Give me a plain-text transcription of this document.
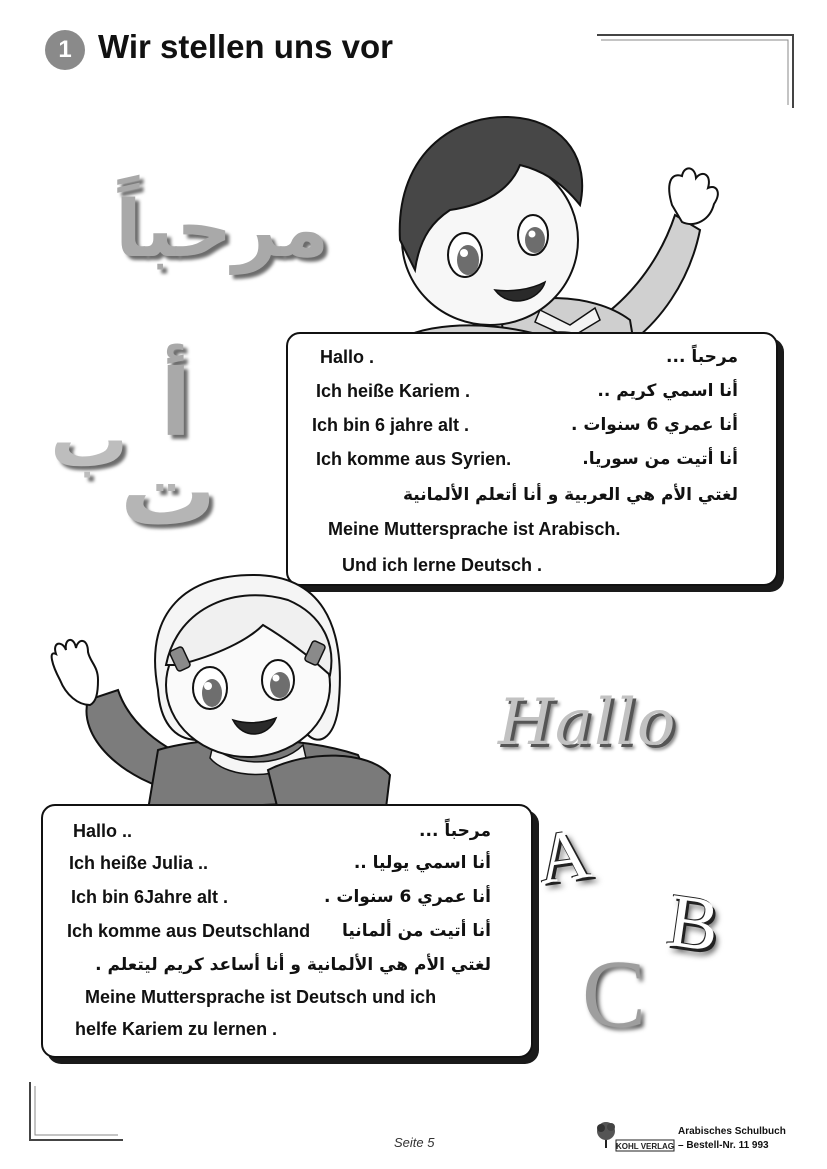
1 Wir stellen uns vor
مرحباً
أ
ب
ت
Hallo .	مرحباً ...
Ich heiße Kariem .	أنا اسمي كريم ..
Ich bin 6 jahre alt .	أنا عمري 6 سنوات .
Ich komme aus Syrien.	أنا أتيت من سوريا.
لغتي الأم هي العربية و أنا أتعلم الألمانية
Meine Muttersprache ist Arabisch.
Und ich lerne Deutsch .
Hallo
A
B
C
Hallo ..	مرحباً ...
Ich heiße Julia ..	أنا اسمي يوليا ..
Ich bin 6Jahre alt .	أنا عمري 6 سنوات .
Ich komme aus Deutschland أنا أتيت من ألمانيا
لغتي الأم هي الألمانية و أنا أساعد كريم ليتعلم .
Meine Muttersprache ist Deutsch und ich
helfe Kariem zu lernen .
Seite 5	KOHL VERLAG
Arabisches Schulbuch
– Bestell-Nr. 11 993
